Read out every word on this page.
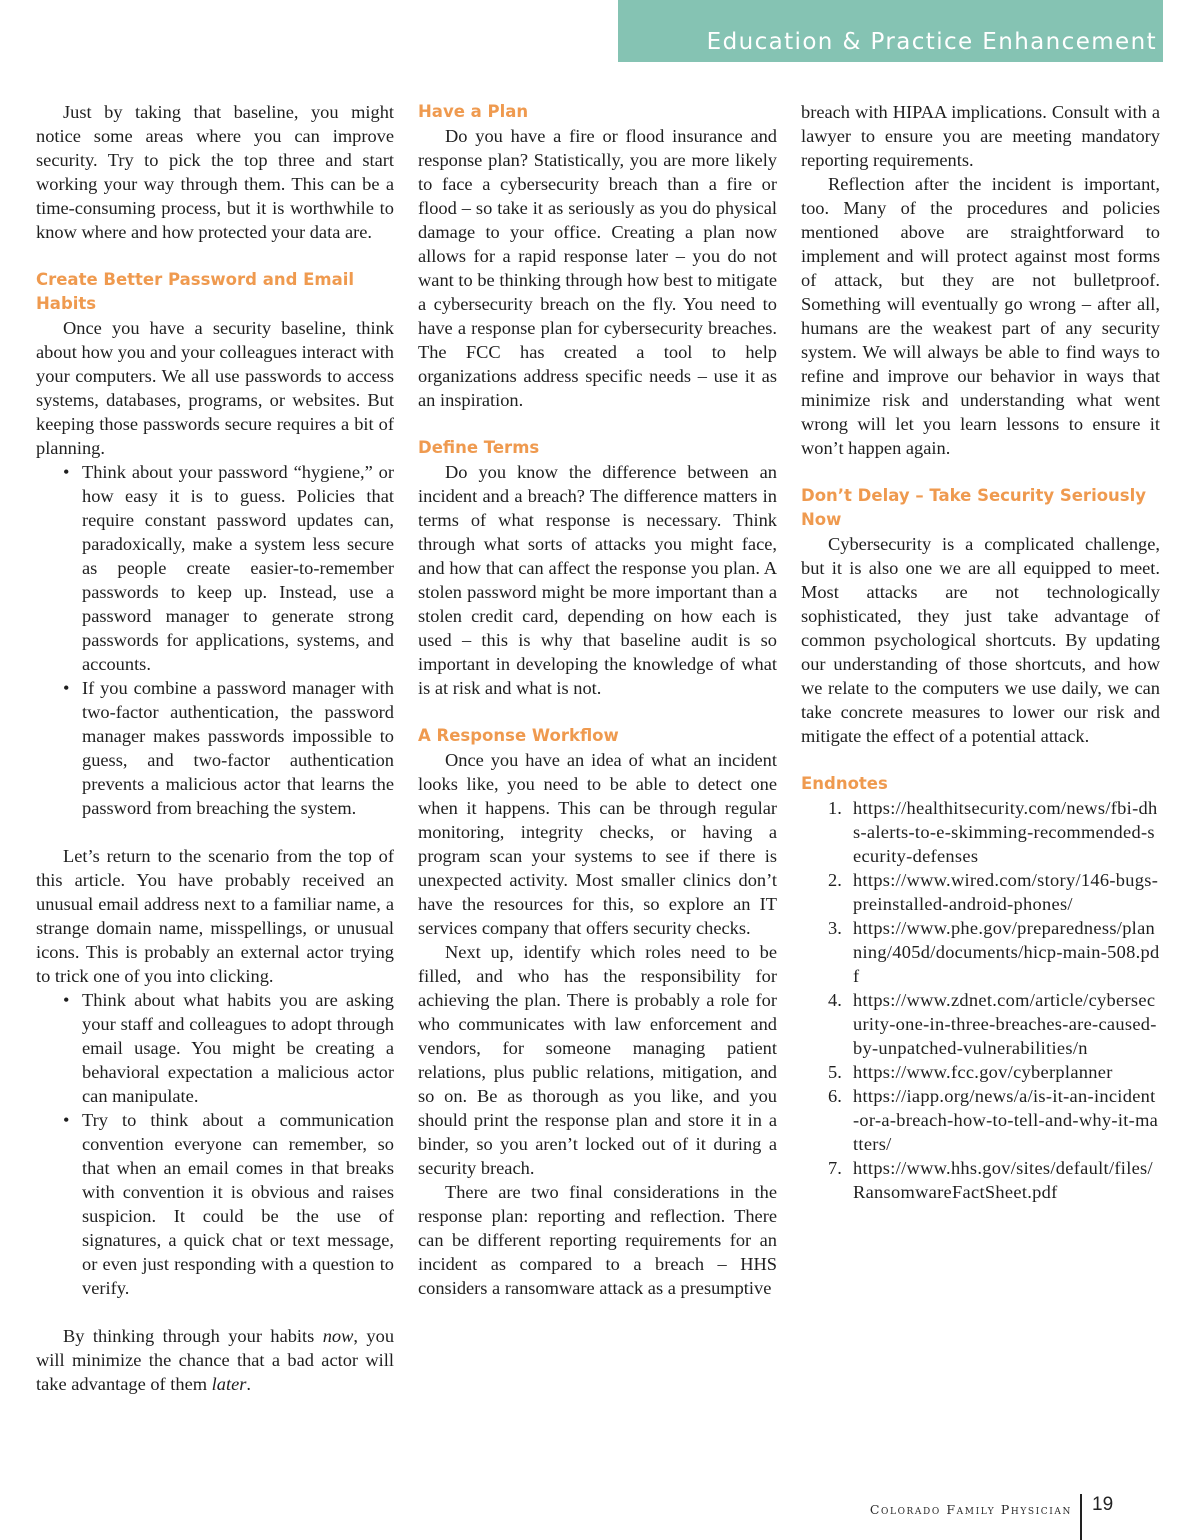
Education & Practice Enhancement

Just by taking that baseline, you might notice some areas where you can improve security. Try to pick the top three and start working your way through them. This can be a time-consuming process, but it is worthwhile to know where and how protected your data are.

Create Better Password and Email Habits

Once you have a security baseline, think about how you and your colleagues interact with your computers. We all use passwords to access systems, databases, programs, or websites. But keeping those passwords secure requires a bit of planning.

• Think about your password “hygiene,” or how easy it is to guess. Policies that require constant password updates can, paradoxically, make a system less secure as people create easier-to-remember passwords to keep up. Instead, use a password manager to generate strong passwords for applications, systems, and accounts.
• If you combine a password manager with two-factor authentication, the password manager makes passwords impossible to guess, and two-factor authentication prevents a malicious actor that learns the password from breaching the system.

Let’s return to the scenario from the top of this article. You have probably received an unusual email address next to a familiar name, a strange domain name, misspellings, or unusual icons. This is probably an external actor trying to trick one of you into clicking.

• Think about what habits you are asking your staff and colleagues to adopt through email usage. You might be creating a behavioral expectation a malicious actor can manipulate.
• Try to think about a communication convention everyone can remember, so that when an email comes in that breaks with convention it is obvious and raises suspicion. It could be the use of signatures, a quick chat or text message, or even just responding with a question to verify.

By thinking through your habits now, you will minimize the chance that a bad actor will take advantage of them later.

Have a Plan

Do you have a fire or flood insurance and response plan? Statistically, you are more likely to face a cybersecurity breach than a fire or flood – so take it as seriously as you do physical damage to your office. Creating a plan now allows for a rapid response later – you do not want to be thinking through how best to mitigate a cybersecurity breach on the fly. You need to have a response plan for cybersecurity breaches. The FCC has created a tool to help organizations address specific needs – use it as an inspiration.

Define Terms

Do you know the difference between an incident and a breach? The difference matters in terms of what response is necessary. Think through what sorts of attacks you might face, and how that can affect the response you plan. A stolen password might be more important than a stolen credit card, depending on how each is used – this is why that baseline audit is so important in developing the knowledge of what is at risk and what is not.

A Response Workflow

Once you have an idea of what an incident looks like, you need to be able to detect one when it happens. This can be through regular monitoring, integrity checks, or having a program scan your systems to see if there is unexpected activity. Most smaller clinics don’t have the resources for this, so explore an IT services company that offers security checks.

Next up, identify which roles need to be filled, and who has the responsibility for achieving the plan. There is probably a role for who communicates with law enforcement and vendors, for someone managing patient relations, plus public relations, mitigation, and so on. Be as thorough as you like, and you should print the response plan and store it in a binder, so you aren’t locked out of it during a security breach.

There are two final considerations in the response plan: reporting and reflection. There can be different reporting requirements for an incident as compared to a breach – HHS considers a ransomware attack as a presumptive

breach with HIPAA implications. Consult with a lawyer to ensure you are meeting mandatory reporting requirements.

Reflection after the incident is important, too. Many of the procedures and policies mentioned above are straightforward to implement and will protect against most forms of attack, but they are not bulletproof. Something will eventually go wrong – after all, humans are the weakest part of any security system. We will always be able to find ways to refine and improve our behavior in ways that minimize risk and understanding what went wrong will let you learn lessons to ensure it won’t happen again.

Don’t Delay – Take Security Seriously Now

Cybersecurity is a complicated challenge, but it is also one we are all equipped to meet. Most attacks are not technologically sophisticated, they just take advantage of common psychological shortcuts. By updating our understanding of those shortcuts, and how we relate to the computers we use daily, we can take concrete measures to lower our risk and mitigate the effect of a potential attack.

Endnotes
1. https://healthitsecurity.com/news/fbi-dhs-alerts-to-e-skimming-recommended-security-defenses
2. https://www.wired.com/story/146-bugs-preinstalled-android-phones/
3. https://www.phe.gov/preparedness/planning/405d/documents/hicp-main-508.pdf
4. https://www.zdnet.com/article/cybersecurity-one-in-three-breaches-are-caused-by-unpatched-vulnerabilities/n
5. https://www.fcc.gov/cyberplanner
6. https://iapp.org/news/a/is-it-an-incident-or-a-breach-how-to-tell-and-why-it-matters/
7. https://www.hhs.gov/sites/default/files/RansomwareFactSheet.pdf
Colorado Family Physician 19
